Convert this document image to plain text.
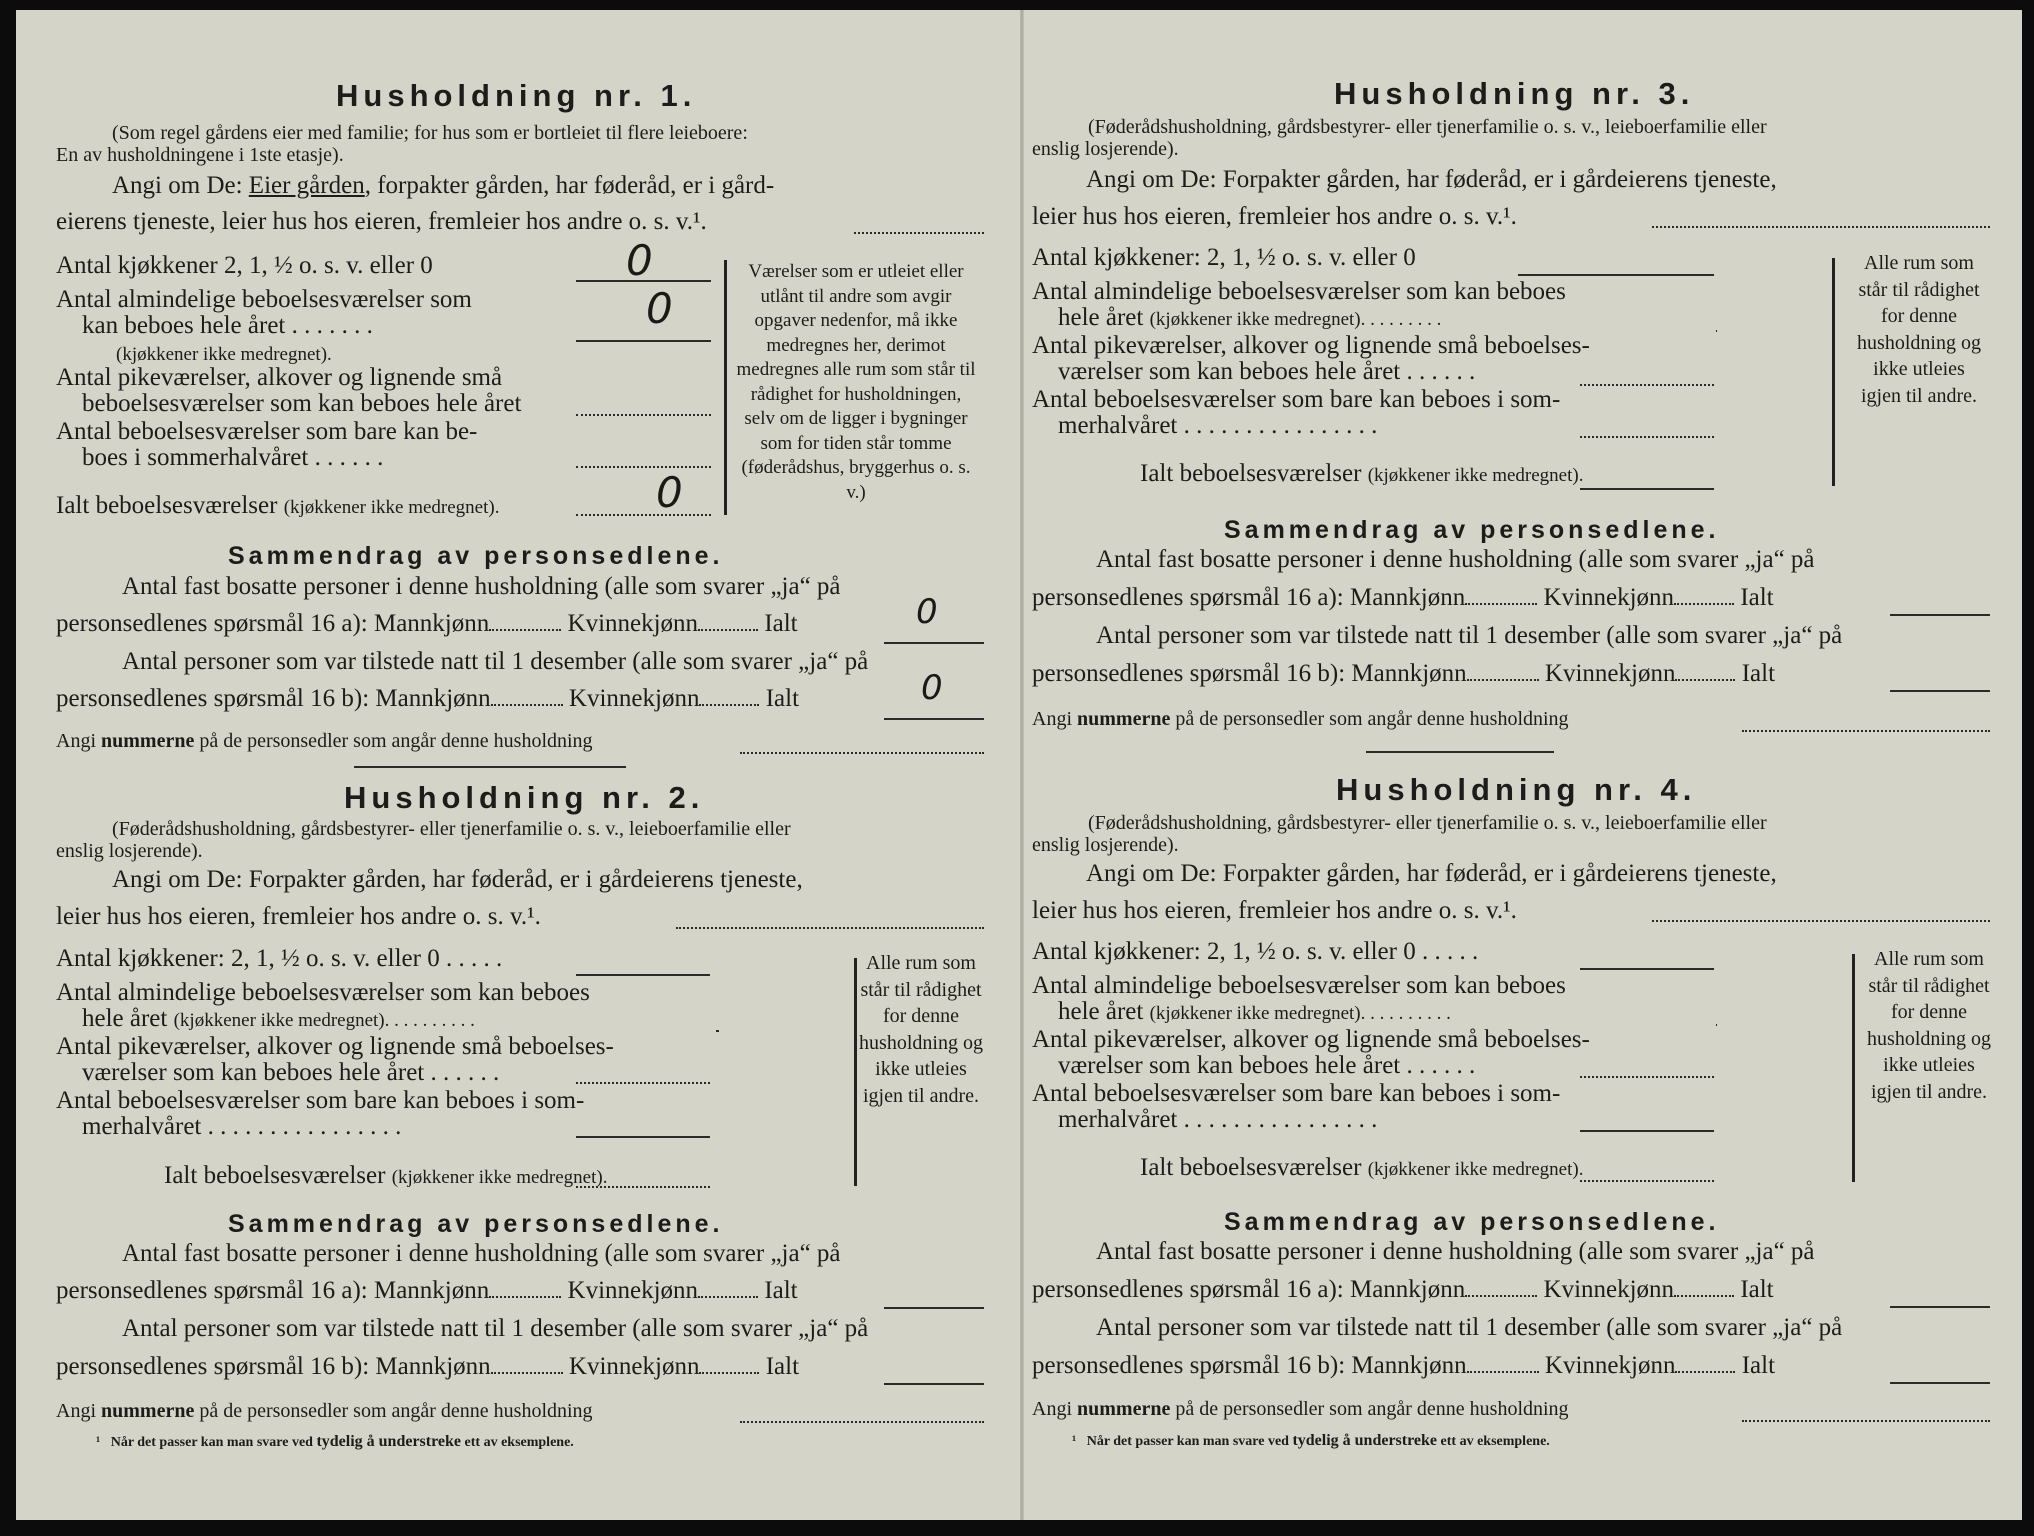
Husholdning nr. 1.
(Som regel gårdens eier med familie; for hus som er bortleiet til flere leieboere:
En av husholdningene i 1ste etasje).
Angi om De: Eier gården, forpakter gården, har føderåd, er i gård-
eierens tjeneste, leier hus hos eieren, fremleier hos andre o. s. v.¹.
Antal kjøkkener 2, 1, ½ o. s. v. eller 0	0
Antal almindelige beboelsesværelser som
kan beboes hele året . . . . . . .	0
(kjøkkener ikke medregnet).
Antal pikeværelser, alkover og lignende små
beboelsesværelser som kan beboes hele året
Antal beboelsesværelser som bare kan be-
boes i sommerhalvåret . . . . . .
Ialt beboelsesværelser (kjøkkener ikke medregnet).	0
Værelser som er utleiet eller utlånt til andre som avgir opgaver nedenfor, må ikke medregnes her, derimot medregnes alle rum som står til rådighet for husholdningen, selv om de ligger i bygninger som for tiden står tomme (føderådshus, bryggerhus o. s. v.)
Sammendrag av personsedlene.
Antal fast bosatte personer i denne husholdning (alle som svarer „ja“ på
personsedlenes spørsmål 16 a): Mannkjønn	Kvinnekjønn	Ialt	0
Antal personer som var tilstede natt til 1 desember (alle som svarer „ja“ på
personsedlenes spørsmål 16 b): Mannkjønn	Kvinnekjønn	Ialt	0
Angi nummerne på de personsedler som angår denne husholdning
Husholdning nr. 2.
(Føderådshusholdning, gårdsbestyrer- eller tjenerfamilie o. s. v., leieboerfamilie eller
enslig losjerende).
Angi om De: Forpakter gården, har føderåd, er i gårdeierens tjeneste,
leier hus hos eieren, fremleier hos andre o. s. v.¹.
Antal kjøkkener: 2, 1, ½ o. s. v. eller 0 . . . . .
Antal almindelige beboelsesværelser som kan beboes
hele året (kjøkkener ikke medregnet). . . . . . . . . .
Antal pikeværelser, alkover og lignende små beboelses-
værelser som kan beboes hele året . . . . . .
Antal beboelsesværelser som bare kan beboes i som-
merhalvåret . . . . . . . . . . . . . . . .
Ialt beboelsesværelser (kjøkkener ikke medregnet).
Alle rum som står til rådighet for denne husholdning og ikke utleies igjen til andre.
Sammendrag av personsedlene.
Antal fast bosatte personer i denne husholdning (alle som svarer „ja“ på
personsedlenes spørsmål 16 a): Mannkjønn	Kvinnekjønn	Ialt
Antal personer som var tilstede natt til 1 desember (alle som svarer „ja“ på
personsedlenes spørsmål 16 b): Mannkjønn	Kvinnekjønn	Ialt
Angi nummerne på de personsedler som angår denne husholdning
¹ Når det passer kan man svare ved tydelig å understreke ett av eksemplene.
Husholdning nr. 3.
(Føderådshusholdning, gårdsbestyrer- eller tjenerfamilie o. s. v., leieboerfamilie eller
enslig losjerende).
Angi om De: Forpakter gården, har føderåd, er i gårdeierens tjeneste,
leier hus hos eieren, fremleier hos andre o. s. v.¹.
Antal kjøkkener: 2, 1, ½ o. s. v. eller 0
Antal almindelige beboelsesværelser som kan beboes
hele året (kjøkkener ikke medregnet). . . . . . . . .
Antal pikeværelser, alkover og lignende små beboelses-
værelser som kan beboes hele året . . . . . .
Antal beboelsesværelser som bare kan beboes i som-
merhalvåret . . . . . . . . . . . . . . . .
Ialt beboelsesværelser (kjøkkener ikke medregnet).
Alle rum som står til rådighet for denne husholdning og ikke utleies igjen til andre.
Sammendrag av personsedlene.
Antal fast bosatte personer i denne husholdning (alle som svarer „ja“ på
personsedlenes spørsmål 16 a): Mannkjønn	Kvinnekjønn	Ialt
Antal personer som var tilstede natt til 1 desember (alle som svarer „ja“ på
personsedlenes spørsmål 16 b): Mannkjønn	Kvinnekjønn	Ialt
Angi nummerne på de personsedler som angår denne husholdning
Husholdning nr. 4.
(Føderådshusholdning, gårdsbestyrer- eller tjenerfamilie o. s. v., leieboerfamilie eller
enslig losjerende).
Angi om De: Forpakter gården, har føderåd, er i gårdeierens tjeneste,
leier hus hos eieren, fremleier hos andre o. s. v.¹.
Antal kjøkkener: 2, 1, ½ o. s. v. eller 0 . . . . .
Antal almindelige beboelsesværelser som kan beboes
hele året (kjøkkener ikke medregnet). . . . . . . . . .
Antal pikeværelser, alkover og lignende små beboelses-
værelser som kan beboes hele året . . . . . .
Antal beboelsesværelser som bare kan beboes i som-
merhalvåret . . . . . . . . . . . . . . . .
Ialt beboelsesværelser (kjøkkener ikke medregnet).
Alle rum som står til rådighet for denne husholdning og ikke utleies igjen til andre.
Sammendrag av personsedlene.
Antal fast bosatte personer i denne husholdning (alle som svarer „ja“ på
personsedlenes spørsmål 16 a): Mannkjønn	Kvinnekjønn	Ialt
Antal personer som var tilstede natt til 1 desember (alle som svarer „ja“ på
personsedlenes spørsmål 16 b): Mannkjønn	Kvinnekjønn	Ialt
Angi nummerne på de personsedler som angår denne husholdning
¹ Når det passer kan man svare ved tydelig å understreke ett av eksemplene.
